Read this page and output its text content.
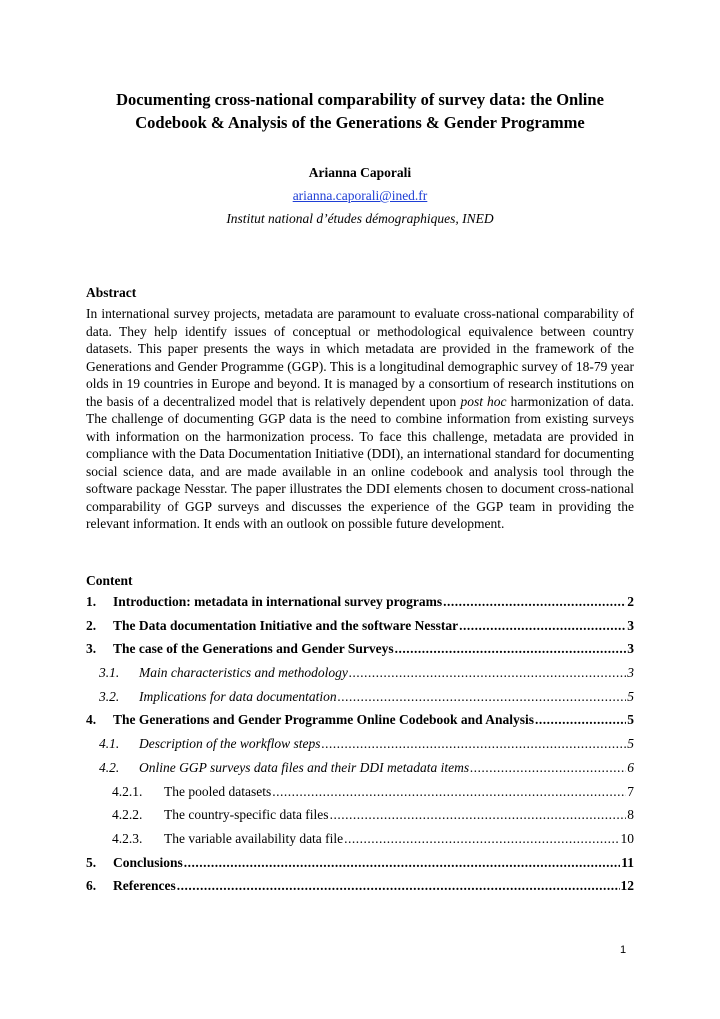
Documenting cross-national comparability of survey data: the Online
Codebook & Analysis of the Generations & Gender Programme
Arianna Caporali
arianna.caporali@ined.fr
Institut national d’études démographiques, INED
Abstract
In international survey projects, metadata are paramount to evaluate cross-national comparability of data. They help identify issues of conceptual or methodological equivalence between country datasets. This paper presents the ways in which metadata are provided in the framework of the Generations and Gender Programme (GGP). This is a longitudinal demographic survey of 18-79 year olds in 19 countries in Europe and beyond. It is managed by a consortium of research institutions on the basis of a decentralized model that is relatively dependent upon post hoc harmonization of data. The challenge of documenting GGP data is the need to combine information from existing surveys with information on the harmonization process. To face this challenge, metadata are provided in compliance with the Data Documentation Initiative (DDI), an international standard for documenting social science data, and are made available in an online codebook and analysis tool through the software package Nesstar. The paper illustrates the DDI elements chosen to document cross-national comparability of GGP surveys and discusses the experience of the GGP team in providing the relevant information. It ends with an outlook on possible future development.
Content
1.	Introduction: metadata in international survey programs .....	2
2.	The Data documentation Initiative and the software Nesstar .....	3
3.	The case of the Generations and Gender Surveys .....	3
3.1.	Main characteristics and methodology .....	3
3.2.	Implications for data documentation .....	5
4.	The Generations and Gender Programme Online Codebook and Analysis .....	5
4.1.	Description of the workflow steps .....	5
4.2.	Online GGP surveys data files and their DDI metadata items .....	6
4.2.1.	The pooled datasets .....	7
4.2.2.	The country-specific data files .....	8
4.2.3.	The variable availability data file .....	10
5.	Conclusions .....	11
6.	References .....	12
1
